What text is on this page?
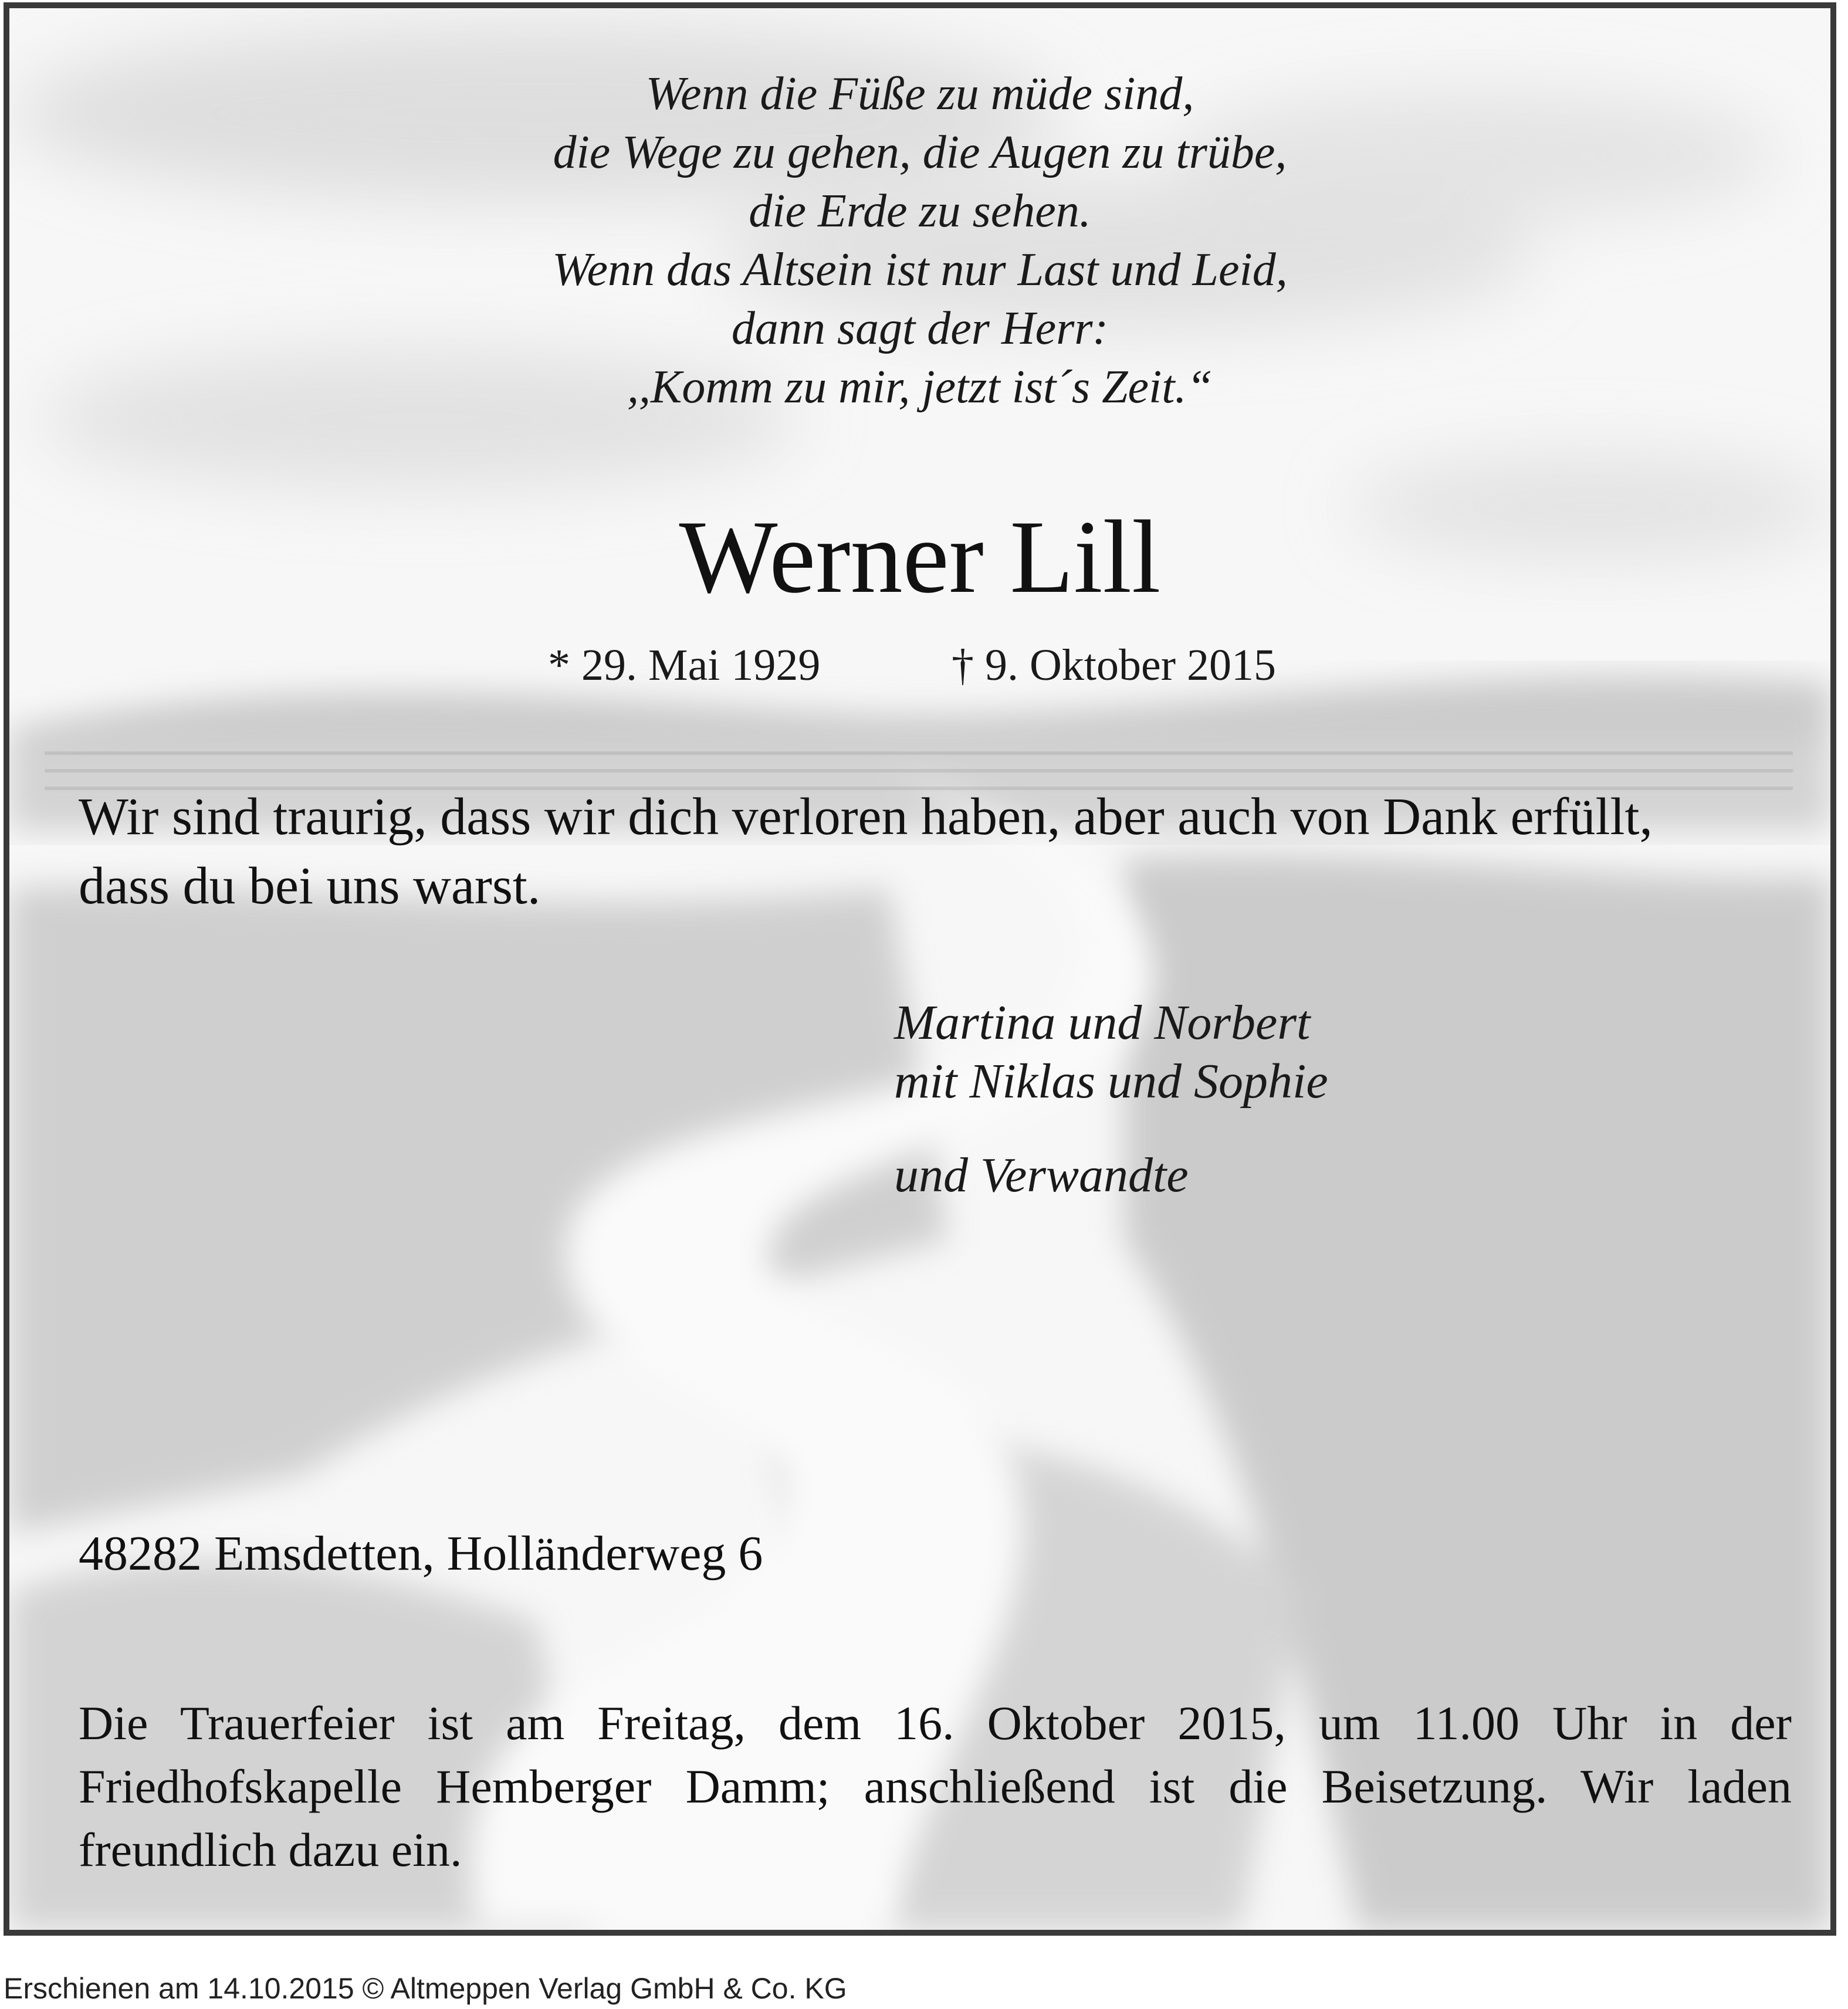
Wenn die Füße zu müde sind,
die Wege zu gehen, die Augen zu trübe,
die Erde zu sehen.
Wenn das Altsein ist nur Last und Leid,
dann sagt der Herr:
,,Komm zu mir, jetzt ist´s Zeit.“
Werner Lill
* 29. Mai 1929	† 9. Oktober 2015
Wir sind traurig, dass wir dich verloren haben, aber auch von Dank erfüllt,
dass du bei uns warst.
Martina und Norbert
mit Niklas und Sophie
und Verwandte
48282 Emsdetten, Holländerweg 6
Die Trauerfeier ist am Freitag, dem 16. Oktober 2015, um 11.00 Uhr in der Friedhofskapelle Hemberger Damm; anschließend ist die Beisetzung. Wir laden freundlich dazu ein.
Erschienen am 14.10.2015 © Altmeppen Verlag GmbH & Co. KG
